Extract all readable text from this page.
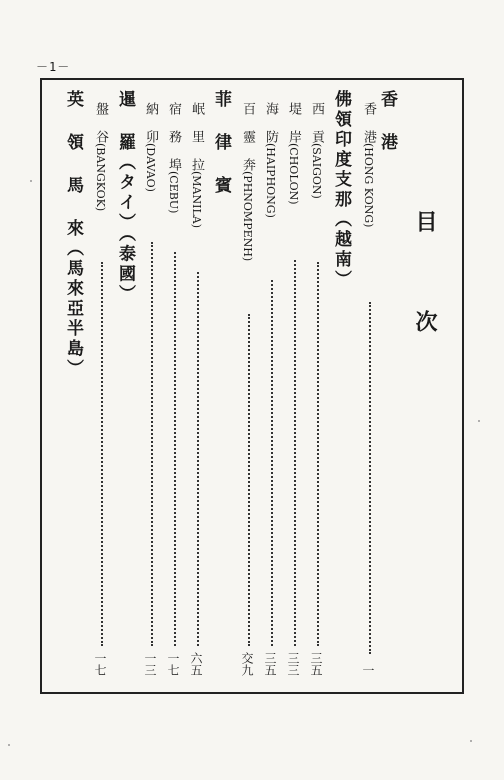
－1－
目 次
香 港
香 港(HONG KONG)
一
佛領印度支那（越南）
西 貢(SAIGON)
三五
堤 岸(CHOLON)
三三
海 防(HAIPHONG)
三五
百 靈 奔(PHNOMPENH)
交九
菲 律 賓
岷 里 拉(MANILA)
六五
宿 務 埠(CEBU)
一七
納 卯(DAVAO)
一三
暹 羅（タイ）（泰國）
盤 谷(BANGKOK)
一七
英 領 馬 來（馬來亞半島）
